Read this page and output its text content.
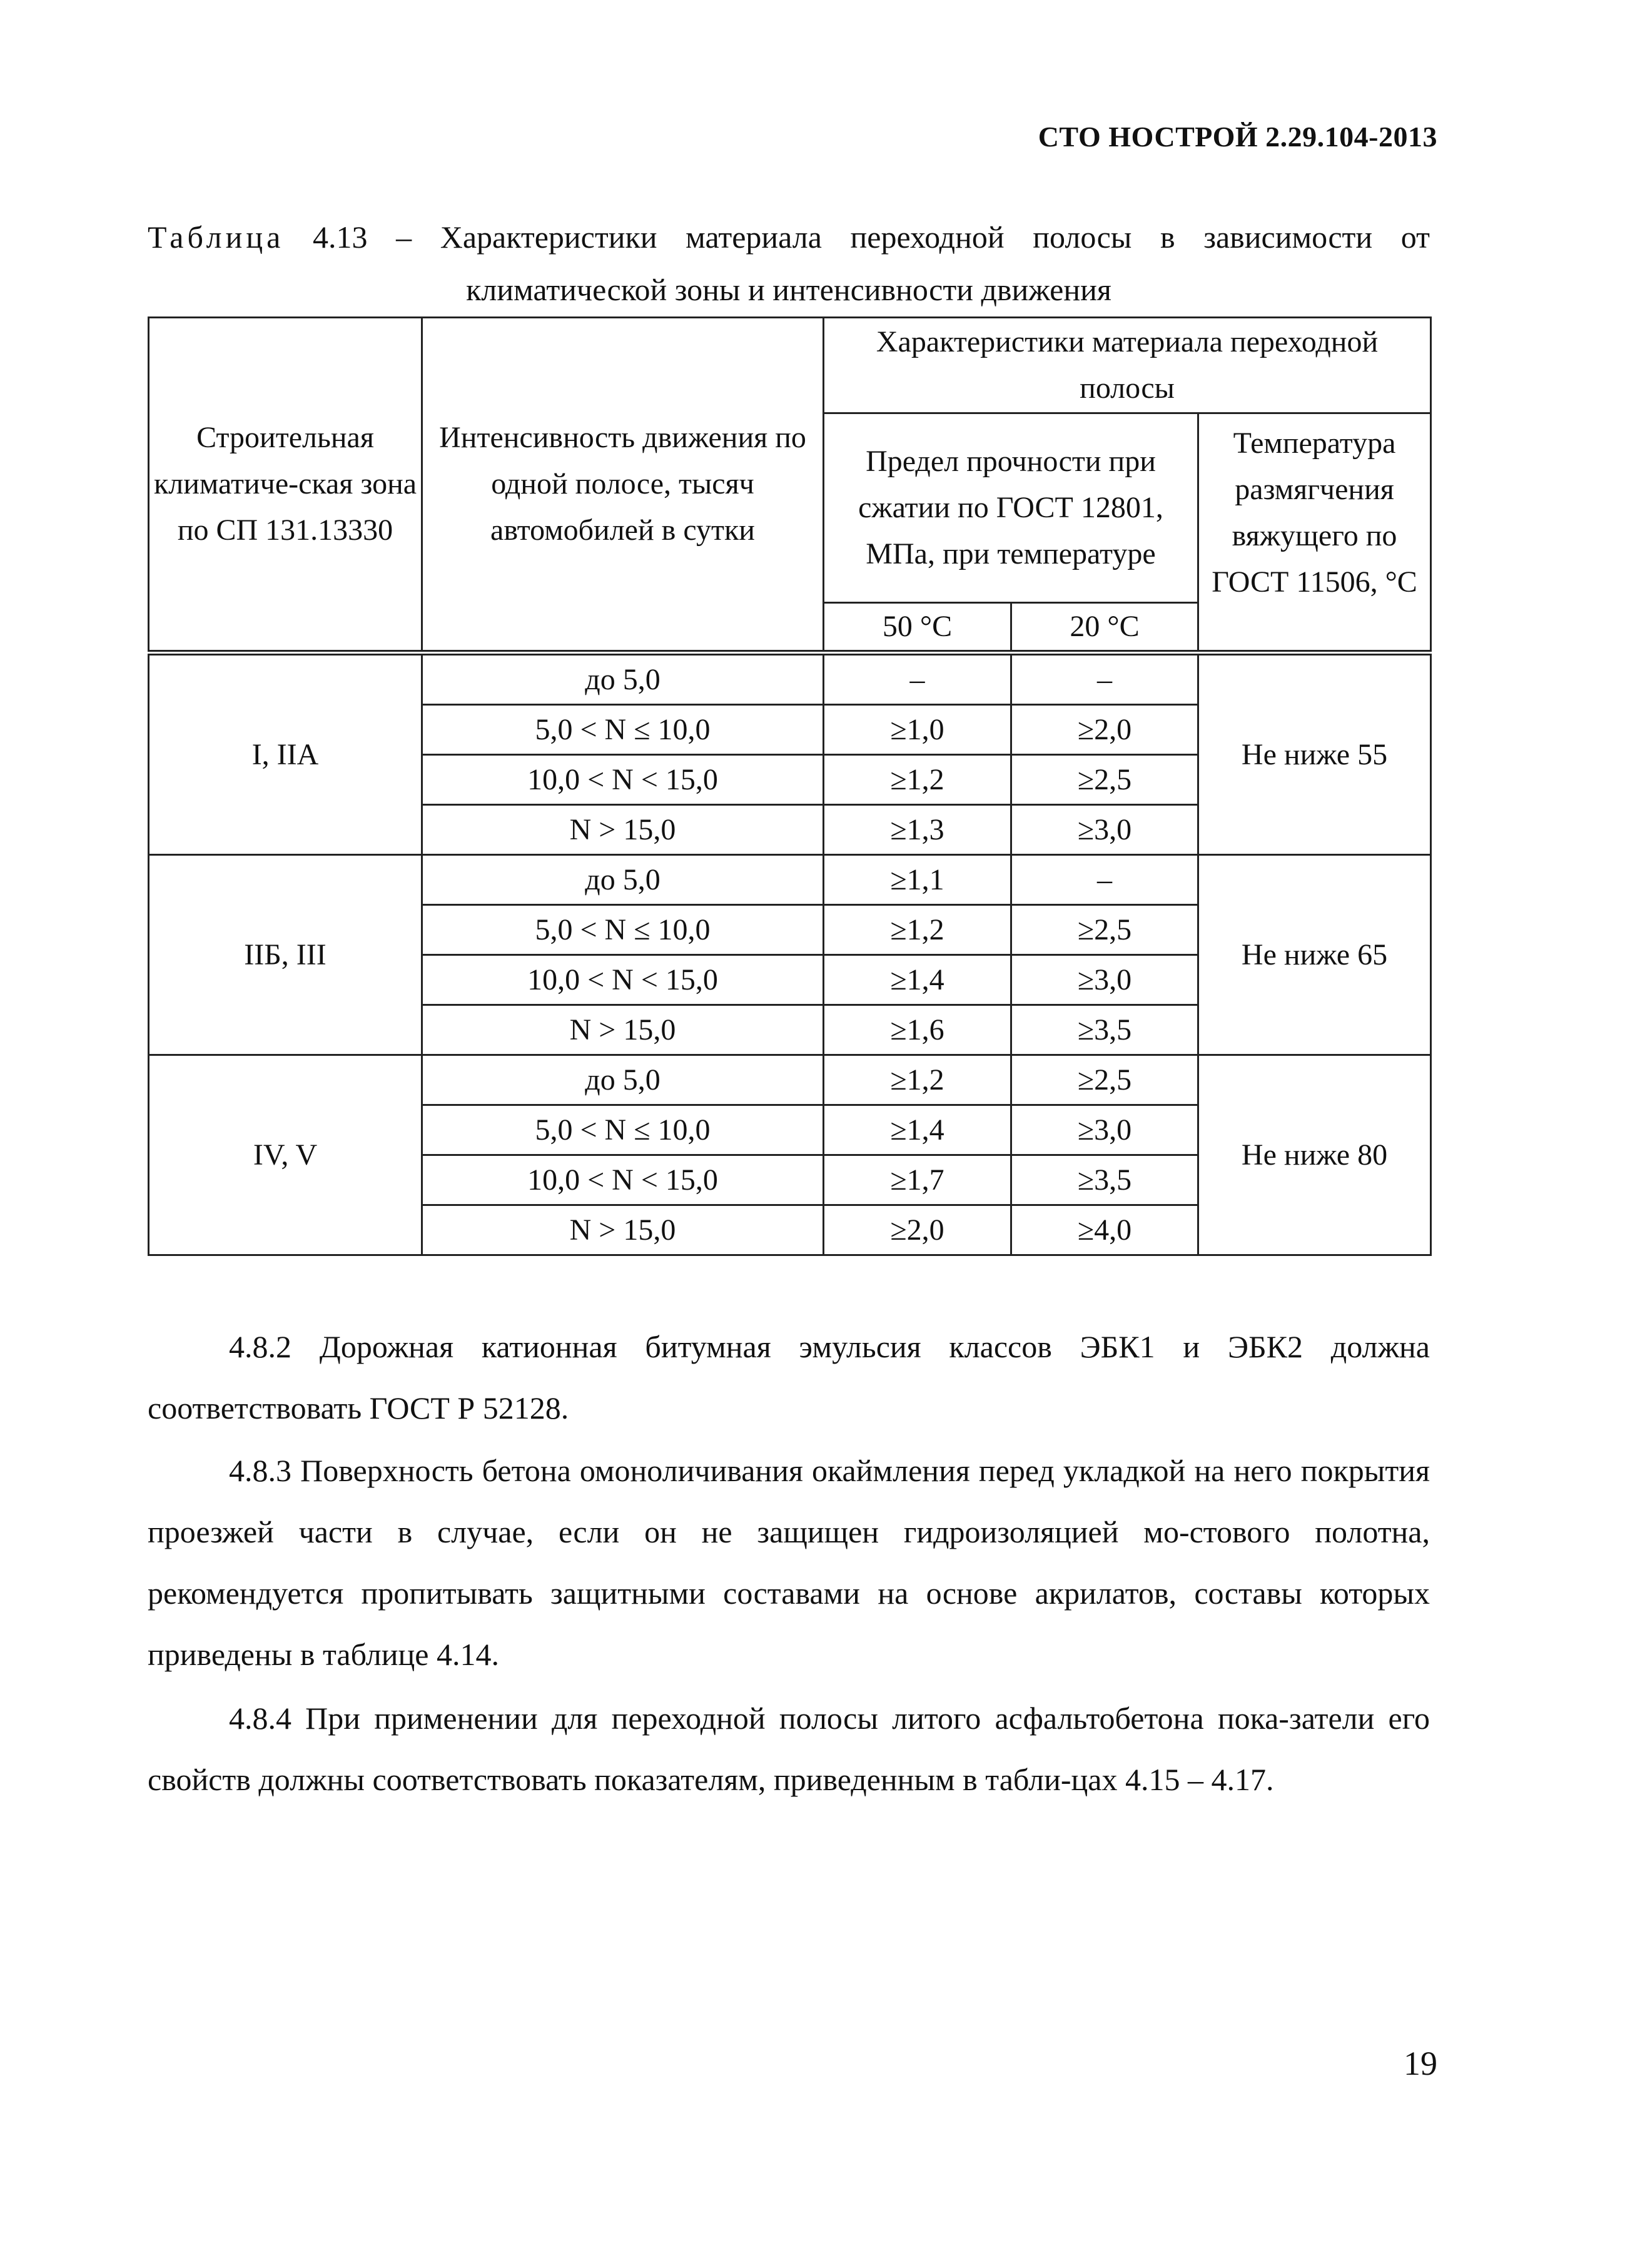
СТО НОСТРОЙ 2.29.104-2013
Таблица 4.13 – Характеристики материала переходной полосы в зависимости от
климатической зоны и интенсивности движения
Строительная климатиче-ская зона по СП 131.13330	Интенсивность движения по одной полосе, тысяч автомобилей в сутки	Характеристики материала переходной полосы		
		Предел прочности при сжатии по ГОСТ 12801, МПа, при температуре		Температура размягчения вяжущего по ГОСТ 11506, °С
		50 °С	20 °С	
I, IIА	до 5,0	–	–	Не ниже 55
	5,0 < N ≤ 10,0	≥1,0	≥2,0	
	10,0 < N < 15,0	≥1,2	≥2,5	
	N > 15,0	≥1,3	≥3,0	
IIБ, III	до 5,0	≥1,1	–	Не ниже 65
	5,0 < N ≤ 10,0	≥1,2	≥2,5	
	10,0 < N < 15,0	≥1,4	≥3,0	
	N > 15,0	≥1,6	≥3,5	
IV, V	до 5,0	≥1,2	≥2,5	Не ниже 80
	5,0 < N ≤ 10,0	≥1,4	≥3,0	
	10,0 < N < 15,0	≥1,7	≥3,5	
	N > 15,0	≥2,0	≥4,0	
4.8.2 Дорожная катионная битумная эмульсия классов ЭБК1 и ЭБК2 должна соответствовать ГОСТ Р 52128.
4.8.3 Поверхность бетона омоноличивания окаймления перед укладкой на него покрытия проезжей части в случае, если он не защищен гидроизоляцией мо-стового полотна, рекомендуется пропитывать защитными составами на основе акрилатов, составы которых приведены в таблице 4.14.
4.8.4 При применении для переходной полосы литого асфальтобетона пока-затели его свойств должны соответствовать показателям, приведенным в табли-цах 4.15 – 4.17.
19
